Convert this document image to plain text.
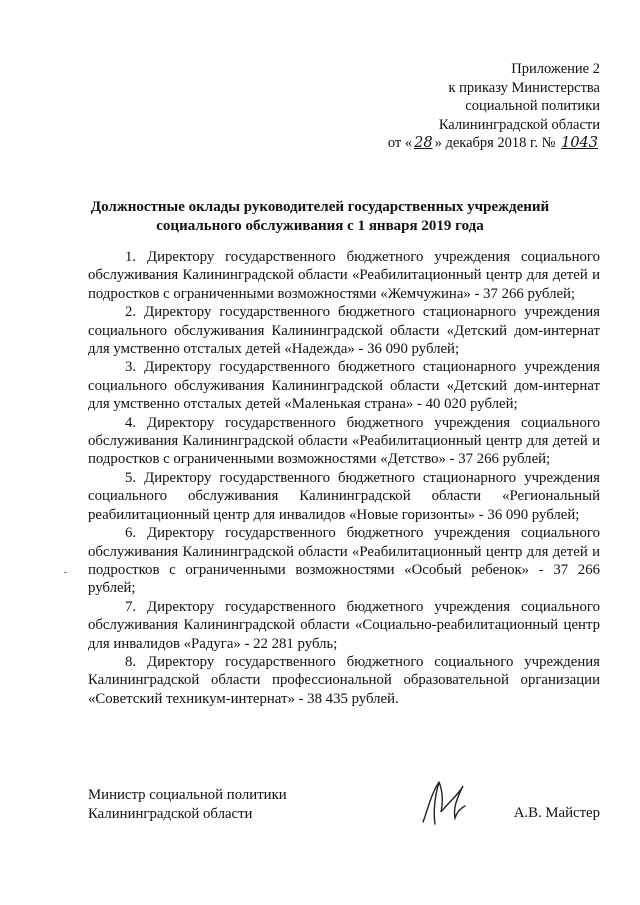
Приложение 2
к приказу Министерства
социальной политики
Калининградской области
от « 28 » декабря 2018 г. № 1043
Должностные оклады руководителей государственных учреждений
социального обслуживания с 1 января 2019 года

1. Директору государственного бюджетного учреждения социального обслуживания Калининградской области «Реабилитационный центр для детей и подростков с ограниченными возможностями «Жемчужина» - 37 266 рублей;

2. Директору государственного бюджетного стационарного учреждения социального обслуживания Калининградской области «Детский дом-интернат для умственно отсталых детей «Надежда» - 36 090 рублей;

3. Директору государственного бюджетного стационарного учреждения социального обслуживания Калининградской области «Детский дом-интернат для умственно отсталых детей «Маленькая страна» - 40 020 рублей;

4. Директору государственного бюджетного учреждения социального обслуживания Калининградской области «Реабилитационный центр для детей и подростков с ограниченными возможностями «Детство» - 37 266 рублей;

5. Директору государственного бюджетного стационарного учреждения социального обслуживания Калининградской области «Региональный реабилитационный центр для инвалидов «Новые горизонты» - 36 090 рублей;

6. Директору государственного бюджетного учреждения социального обслуживания Калининградской области «Реабилитационный центр для детей и подростков с ограниченными возможностями «Особый ребенок» - 37 266 рублей;

7. Директору государственного бюджетного учреждения социального обслуживания Калининградской области «Социально-реабилитационный центр для инвалидов «Радуга» - 22 281 рубль;

8. Директору государственного бюджетного социального учреждения Калининградской области профессиональной образовательной организации «Советский техникум-интернат» - 38 435 рублей.

Министр социальной политики
Калининградской области	А.В. Майстер
